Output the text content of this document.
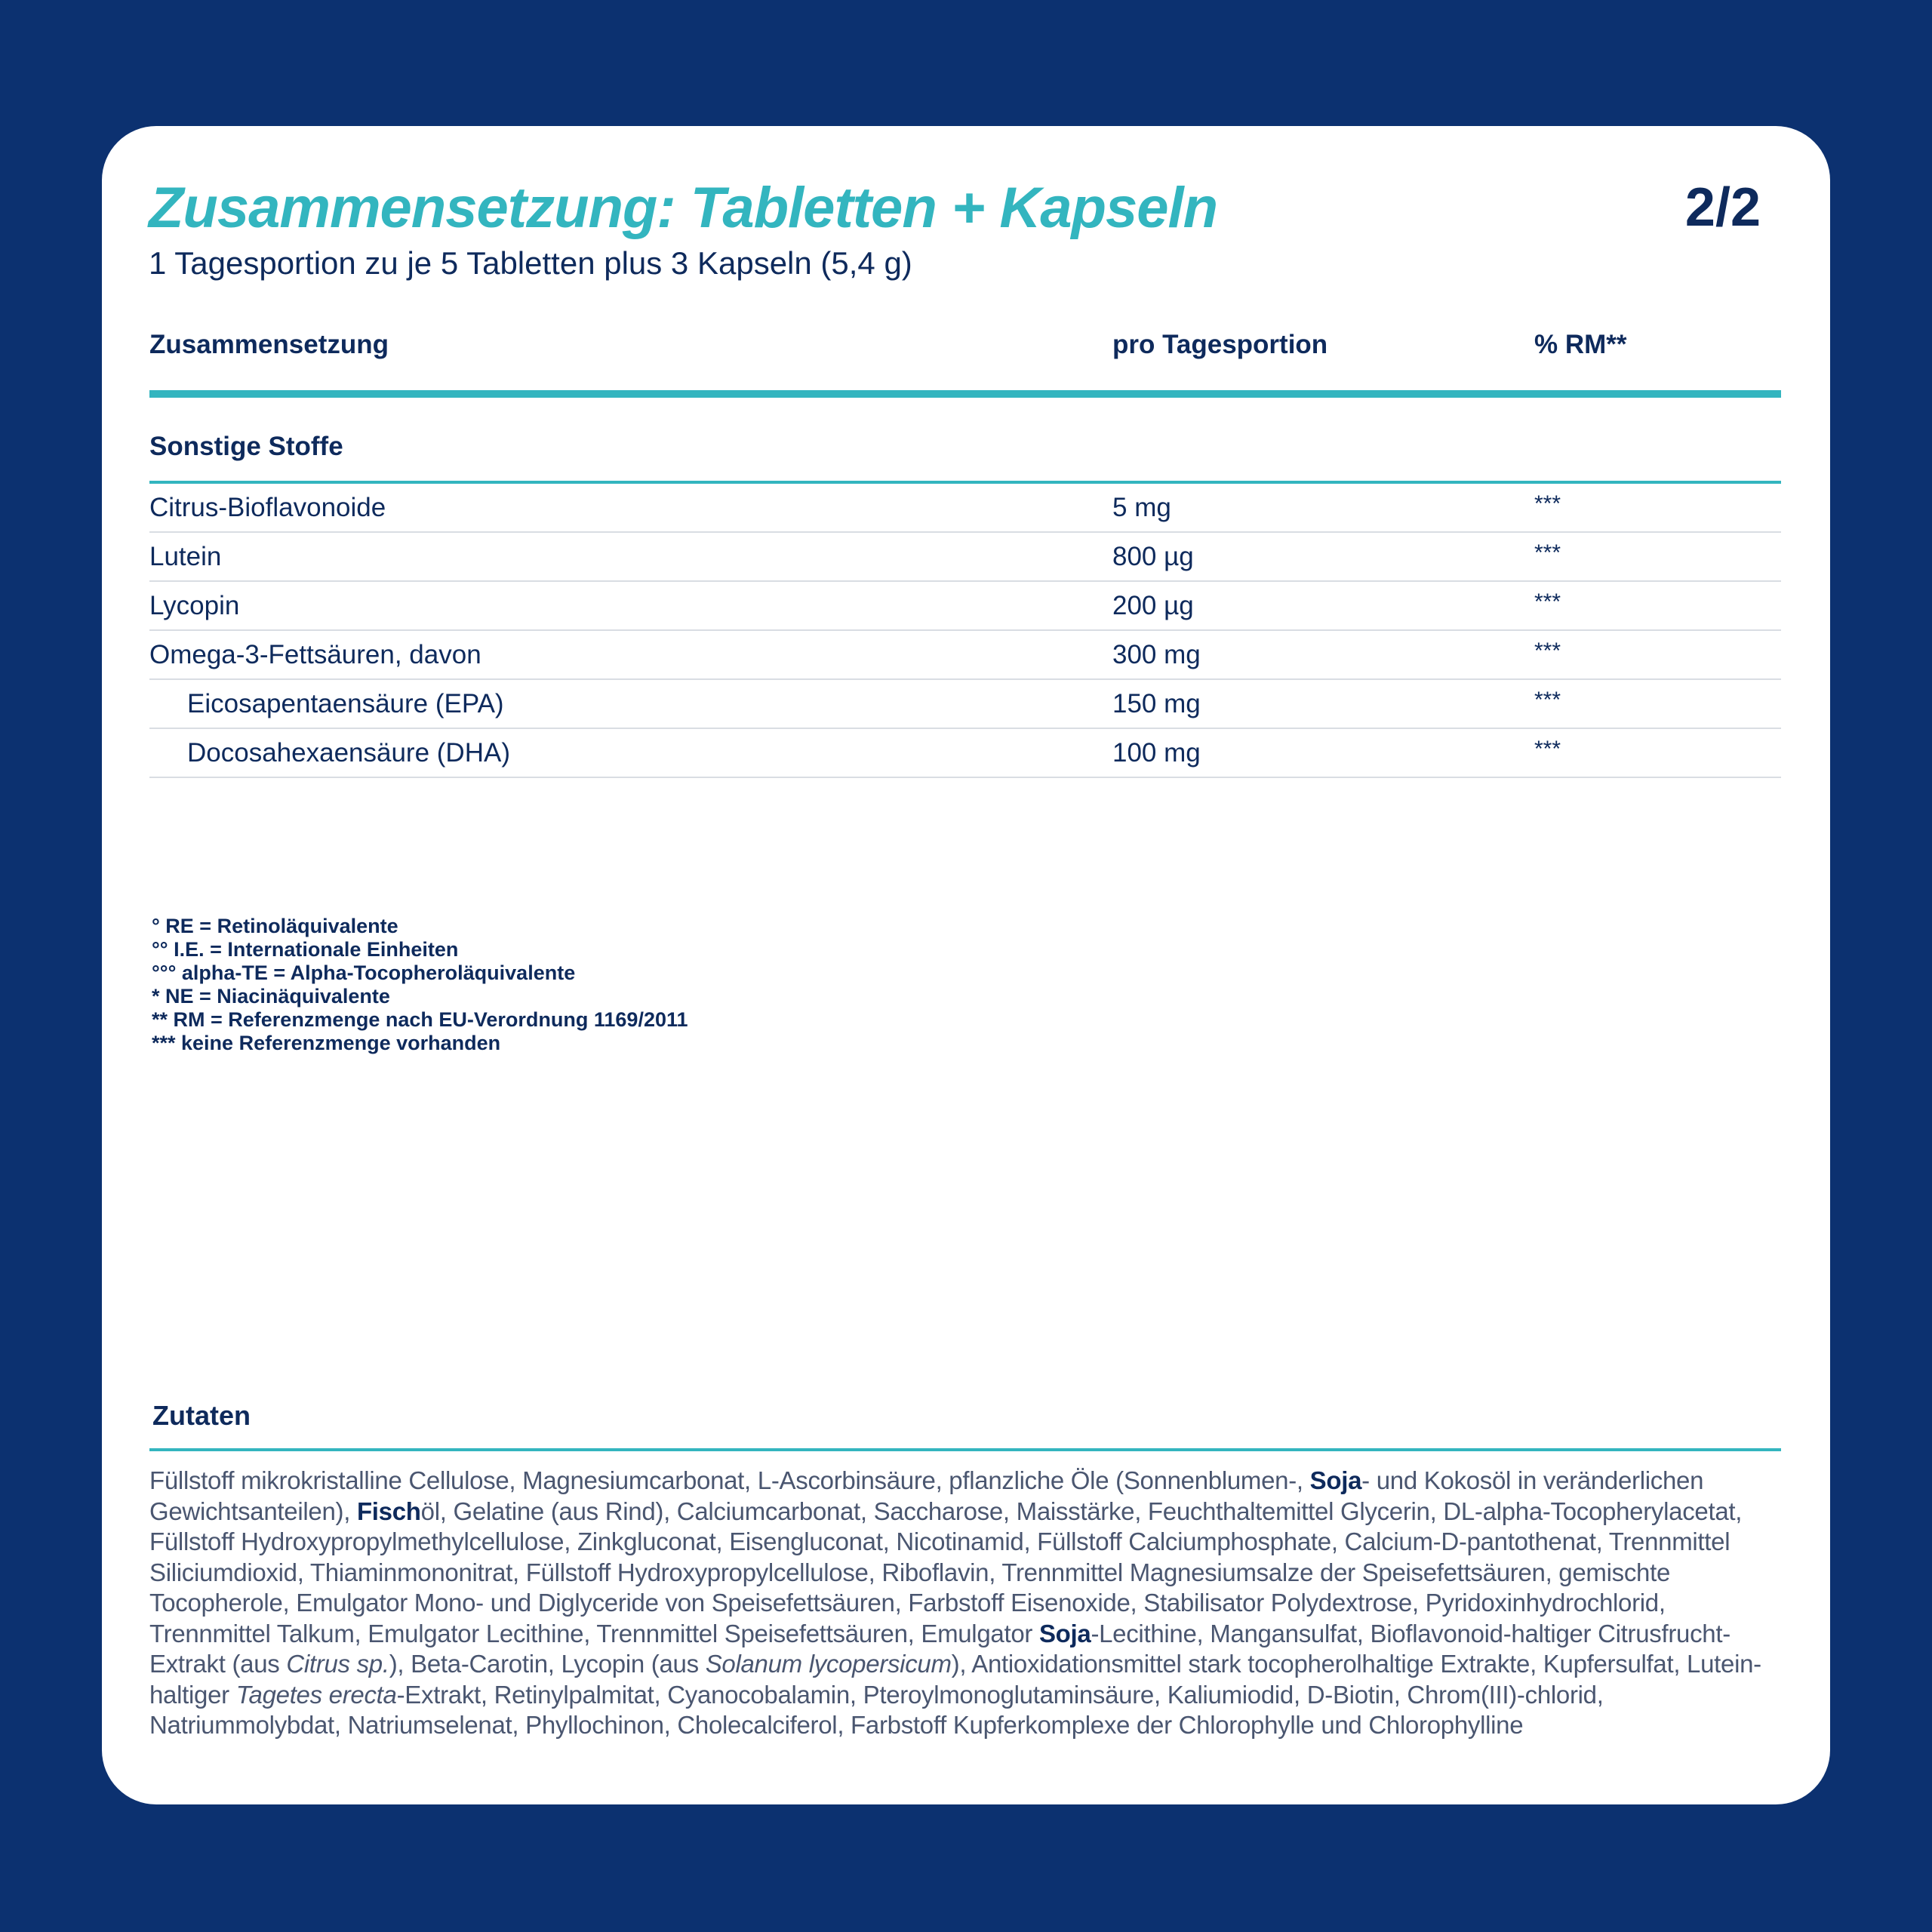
Zusammensetzung: Tabletten + Kapseln	2/2
1 Tagesportion zu je 5 Tabletten plus 3 Kapseln (5,4 g)
Zusammensetzung	pro Tagesportion	% RM**
Sonstige Stoffe
Citrus-Bioflavonoide	5 mg	***
Lutein	800 µg	***
Lycopin	200 µg	***
Omega-3-Fettsäuren, davon	300 mg	***
Eicosapentaensäure (EPA)	150 mg	***
Docosahexaensäure (DHA)	100 mg	***
° RE = Retinoläquivalente
°° I.E. = Internationale Einheiten
°°° alpha-TE = Alpha-Tocopheroläquivalente
* NE = Niacinäquivalente
** RM = Referenzmenge nach EU-Verordnung 1169/2011
*** keine Referenzmenge vorhanden
Zutaten
Füllstoff mikrokristalline Cellulose, Magnesiumcarbonat, L-Ascorbinsäure, pflanzliche Öle (Sonnenblumen-, Soja- und Kokosöl in veränderlichen Gewichtsanteilen), Fischöl, Gelatine (aus Rind), Calciumcarbonat, Saccharose, Maisstärke, Feuchthaltemittel Glycerin, DL-alpha-Tocopherylacetat, Füllstoff Hydroxypropylmethylcellulose, Zinkgluconat, Eisengluconat, Nicotinamid, Füllstoff Calciumphosphate, Calcium-D-pantothenat, Trennmittel Siliciumdioxid, Thiaminmononitrat, Füllstoff Hydroxypropylcellulose, Riboflavin, Trennmittel Magnesiumsalze der Speisefettsäuren, gemischte Tocopherole, Emulgator Mono- und Diglyceride von Speisefettsäuren, Farbstoff Eisenoxide, Stabilisator Polydextrose, Pyridoxinhydrochlorid, Trennmittel Talkum, Emulgator Lecithine, Trennmittel Speisefettsäuren, Emulgator Soja-Lecithine, Mangansulfat, Bioflavonoid-haltiger Citrusfrucht-Extrakt (aus Citrus sp.), Beta-Carotin, Lycopin (aus Solanum lycopersicum), Antioxidationsmittel stark tocopherolhaltige Extrakte, Kupfersulfat, Lutein-haltiger Tagetes erecta-Extrakt, Retinylpalmitat, Cyanocobalamin, Pteroylmonoglutaminsäure, Kaliumiodid, D-Biotin, Chrom(III)-chlorid, Natriummolybdat, Natriumselenat, Phyllochinon, Cholecalciferol, Farbstoff Kupferkomplexe der Chlorophylle und Chlorophylline
